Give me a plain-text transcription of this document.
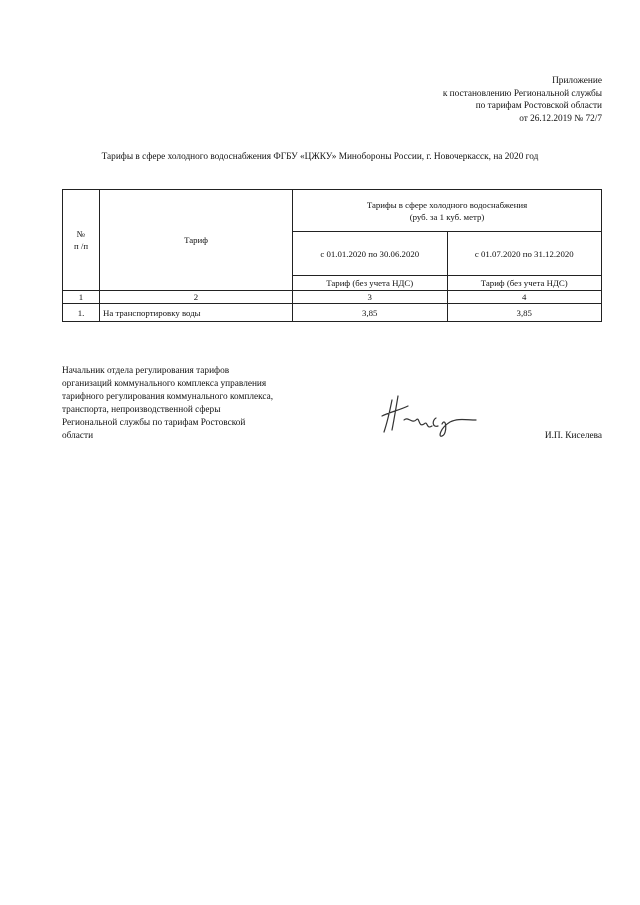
Приложение
к постановлению Региональной службы
по тарифам Ростовской области
от 26.12.2019 № 72/7
Тарифы в сфере холодного водоснабжения ФГБУ «ЦЖКУ» Минобороны России, г. Новочеркасск, на 2020 год
№
п /п	Тариф	Тарифы в сфере холодного водоснабжения
(руб. за 1 куб. метр)	
		с 01.01.2020 по 30.06.2020	с 01.07.2020 по 31.12.2020
		Тариф (без учета НДС)	Тариф (без учета НДС)
1	2	3	4
1.	На транспортировку воды	3,85	3,85
Начальник отдела регулирования тарифов
организаций коммунального комплекса управления
тарифного регулирования коммунального комплекса,
транспорта, непроизводственной сферы
Региональной службы по тарифам Ростовской
области	И.П. Киселева
